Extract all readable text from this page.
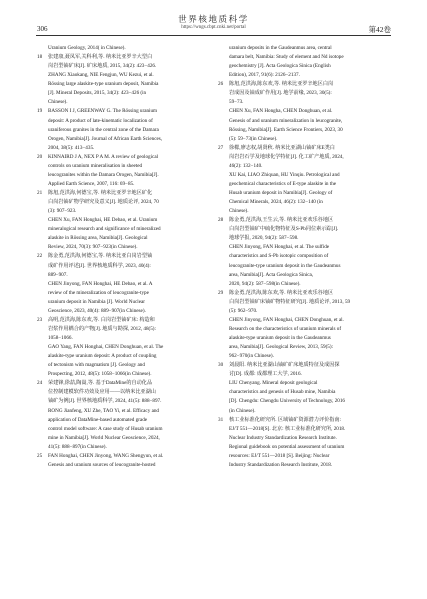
306
世界核地质科学
https://wngs.cbpt.cnki.net/portal	第42卷
Uranium Geology, 2014( in Chinese).
18 张建康,聂凤军,关科利,等. 纳米比亚罗辛大型白
岗岩型铀矿床[J]. 矿床地质, 2015, 34(2): 423−426.
ZHANG Xiaokang, NIE Fengjun, WU Kezui, et al.
Rössing large alaskite-type uranium deposit, Namibia
[J]. Mineral Deposits, 2015, 34(2): 423−426 (in
Chinese).
19 BASSON I J, GREENWAY G. The Rössing uranium
deposit: A product of late-kinematic localization of
uraniferous granites in the central zone of the Damara
Orogen, Namibia[J]. Journal of African Earth Sciences,
2004, 38(5): 413−435.
20 KINNAIRD J A, NEX P A M. A review of geological
controls on uranium mineralisation in sheeted
leucogranites within the Damara Orogen, Namibia[J].
Applied Earth Science, 2007, 116: 69−85.
21 陈旭,范洪海,何德宝,等. 纳米比亚罗辛地区矿化
白岗岩铀矿物学研究及意义[J]. 地质论评, 2024, 70
(3): 907−923.
CHEN Xu, FAN Honghai, HE Debao, et al. Uranium
mineralogical research and significance of mineralized
alaskite in Rössing area, Namibia[J]. Geological
Review, 2024, 70(3): 907−923(in Chinese).
22 陈金勇,范洪海,何德宝,等. 纳米比亚白岗岩型铀
成矿作用评述[J]. 世界核地质科学, 2023, 40(4):
889−907.
CHEN Jinyong, FAN Honghai, HE Debao, et al. A
review of the mineralization of leucogranite-type
uranium deposit in Namibia [J]. World Nuclear
Geoscience, 2023, 40(4): 889−907(in Chinese).
23 高明,范洪海,陈东欢,等. 白岗岩型铀矿床: 构造和
岩浆作用耦合的产物[J]. 地质与勘探, 2012, 48(5):
1058−1066.
GAO Yang, FAN Honghai, CHEN Donghuan, et al. The
alaskite-type uranium deposit: A product of coupling
of tectonism with magmatism [J]. Geology and
Prospecting, 2012, 48(5): 1058−1066(in Chinese).
24 荣建锋,徐喆,陶嵩,等. 基于DataMine的自动化品
位控制建模软件功效及应用——以纳米比亚湖山
铀矿为例[J]. 世界核地质科学, 2024, 41(5): 888−897.
RONG Jianfeng, XU Zhe, TAO Yi, et al. Efficacy and
application of DataMine-based automated grade
control model software: A case study of Husab uranium
mine in Namibia[J]. World Nuclear Geoscience, 2024,
41(5): 888−897(in Chinese).
25 FAN Honghai, CHEN Jinyong, WANG Shengyun, et al.
Genesis and uranium sources of leucogranite-hosted
uranium deposits in the Gaudeanmus area, central
damara belt, Namibia: Study of element and Nd isotope
geochemistry [J]. Acta Geologica Sinica (English
Edition), 2017, 91(6): 2126−2137.
26 陈旭,范洪海,陈东欢,等. 纳米比亚罗辛地区白岗
岩成因及铀成矿作用[J]. 地学前缘, 2023, 30(5):
59−73.
CHEN Xu, FAN Hongha, CHEN Donghuan, et al.
Genesis of and uranium mineralization in leucogranite,
Rössing, Namibia[J]. Earth Science Frontiers, 2023, 30
(5): 59−73(in Chinese).
27 徐檬,廖志权,胡贤秋. 纳米比亚湖山铀矿床E类白
岗岩岩石学及地球化学特征[J]. 化工矿产地质, 2024,
46(2): 132−140.
XU Kai, LIAO Zhiquan, HU Yinqiu. Petrological and
geochemical characteristics of E-type alaskite in the
Husab uranium deposit in Namibia[J]. Geology of
Chemical Minerals, 2024, 46(2): 132−140 (in
Chinese).
28 陈金勇,范洪海,王生云,等. 纳米比亚欢乐谷地区
白岗岩型铀矿中硫化物特征及S-Pb同位素示踪[J].
地球学报, 2020, 94(2): 587−598.
CHEN Jinyong, FAN Honghai, et al. The sulfide
characteristics and S-Pb isotopic composition of
leucogranite-type uranium deposit in the Gaudeanmus
area, Namibia[J]. Acta Geologica Sinica,
2020, 94(2): 587−598(in Chinese).
29 陈金勇,范洪海,陈东欢,等. 纳米比亚欢乐谷地区
白岗岩型铀矿床铀矿物特征研究[J]. 地质论评, 2013, 59
(5): 962−970.
CHEN Jinyong, FAN Honghai, CHEN Donghuan, et al.
Research on the characteristics of uranium minerals of
alaskite-type uranium deposit in the Gaudeanmus
area, Namibia[J]. Geological Review, 2013, 59(5):
962−970(in Chinese).
30 刘晨阳. 纳米比亚湖山铀矿矿床地质特征及成因探
讨[D]. 成都: 成都理工大学, 2016.
LIU Chenyang. Mineral deposit geological
characteristics and genesis of Husab mine, Namibia
[D]. Chengdu: Chengdu University of Technology, 2016
(in Chinese).
31 核工业标准化研究所. 区域铀矿资源潜力评价指南:
EJ/T 551—2018[S]. 北京: 核工业标准化研究所, 2018.
Nuclear Industry Standardization Research Institute.
Regional guidebook on potential assessment of uranium
resources: EJ/T 551—2018 [S]. Beijing: Nuclear
Industry Standardization Research Institute, 2018.
